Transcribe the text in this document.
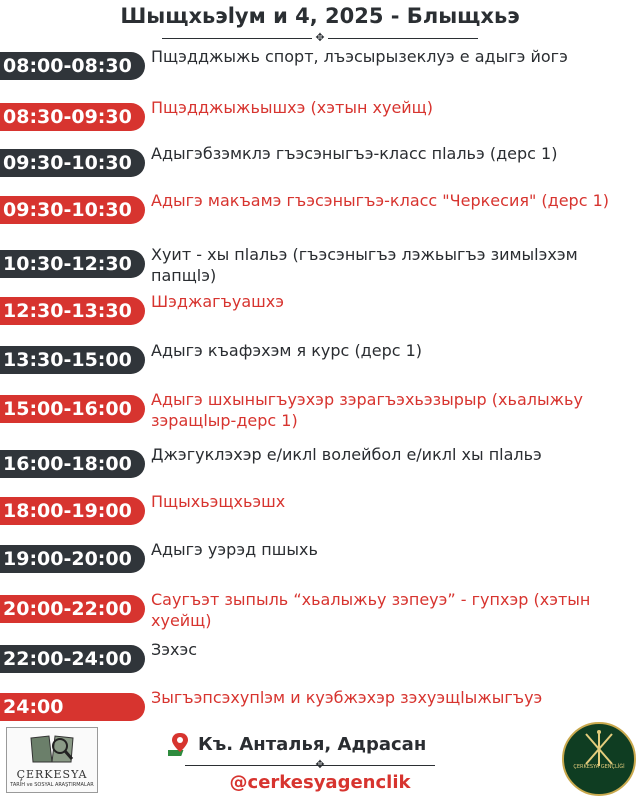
Шыщхьэlум и 4, 2025 - Блыщхьэ
✥
08:00-08:30	Пщэдджыжь спорт, лъэсырызеклуэ е адыгэ йогэ
08:30-09:30	Пщэдджыжьышхэ (хэтын хуейщ)
09:30-10:30	Адыгэбзэмклэ гъэсэныгъэ-класс пlальэ (дерс 1)
09:30-10:30	Адыгэ макъамэ гъэсэныгъэ-класс "Черкесия" (дерс 1)
10:30-12:30	Хуит - хы пlальэ (гъэсэныгъэ лэжьыгъэ зимыlэхэм папщlэ)
12:30-13:30	Шэджагъуашхэ
13:30-15:00	Адыгэ къафэхэм я курс (дерс 1)
15:00-16:00	Адыгэ шхыныгъуэхэр зэрагъэхьэзырыр (хьалыжьу зэращlыр-дерс 1)
16:00-18:00	Джэгуклэхэр е/иклl волейбол е/иклl хы пlальэ
18:00-19:00	Пщыхьэщхьэшх
19:00-20:00	Адыгэ уэрэд пшыхь
20:00-22:00	Саугъэт зыпыль “хьалыжьу зэпеуэ” - гупхэр (хэтын хуейщ)
22:00-24:00	Зэхэс
24:00	Зыгъэпсэхупlэм и куэбжэхэр зэхуэщlыжыгъуэ
ÇERKESYA
TARİH ve SOSYAL ARAŞTIRMALAR
Къ. Анталья, Адрасан
✥
@cerkesyagenclik
ÇERKESYA GENÇLİĞİ
